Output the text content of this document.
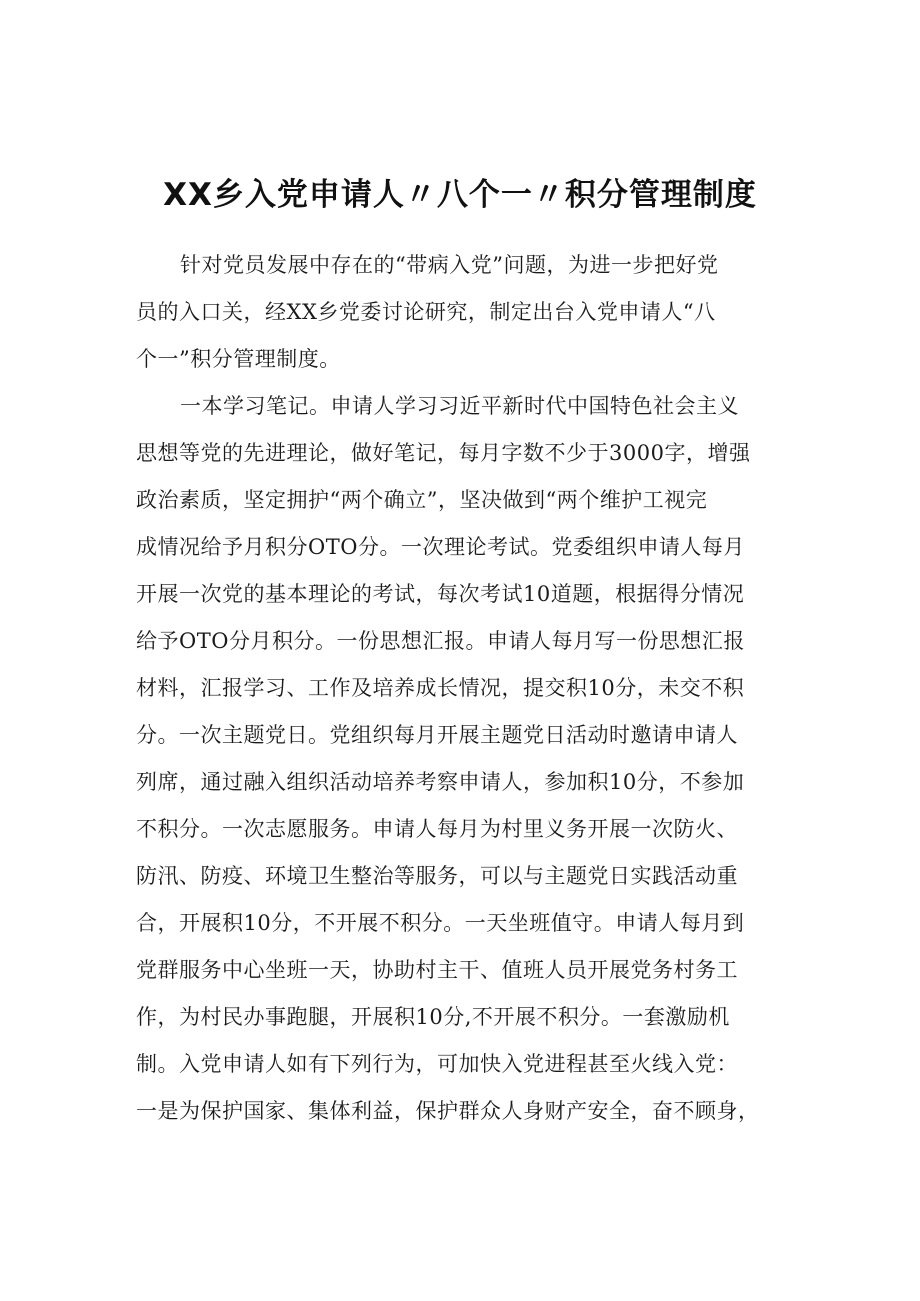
XX乡入党申请人〃八个一〃积分管理制度

针对党员发展中存在的“带病入党”问题，为进一步把好党
员的入口关，经XX乡党委讨论研究，制定出台入党申请人“八
个一”积分管理制度。

一本学习笔记。申请人学习习近平新时代中国特色社会主义
思想等党的先进理论，做好笔记，每月字数不少于3000字，增强
政治素质，坚定拥护“两个确立”，坚决做到“两个维护工视完
成情况给予月积分OTO分。一次理论考试。党委组织申请人每月
开展一次党的基本理论的考试，每次考试10道题，根据得分情况
给予OTO分月积分。一份思想汇报。申请人每月写一份思想汇报
材料，汇报学习、工作及培养成长情况，提交积10分，未交不积
分。一次主题党日。党组织每月开展主题党日活动时邀请申请人
列席，通过融入组织活动培养考察申请人，参加积10分，不参加
不积分。一次志愿服务。申请人每月为村里义务开展一次防火、
防汛、防疫、环境卫生整治等服务，可以与主题党日实践活动重
合，开展积10分，不开展不积分。一天坐班值守。申请人每月到
党群服务中心坐班一天，协助村主干、值班人员开展党务村务工
作，为村民办事跑腿，开展积10分,不开展不积分。一套激励机
制。入党申请人如有下列行为，可加快入党进程甚至火线入党：
一是为保护国家、集体利益，保护群众人身财产安全，奋不顾身，
